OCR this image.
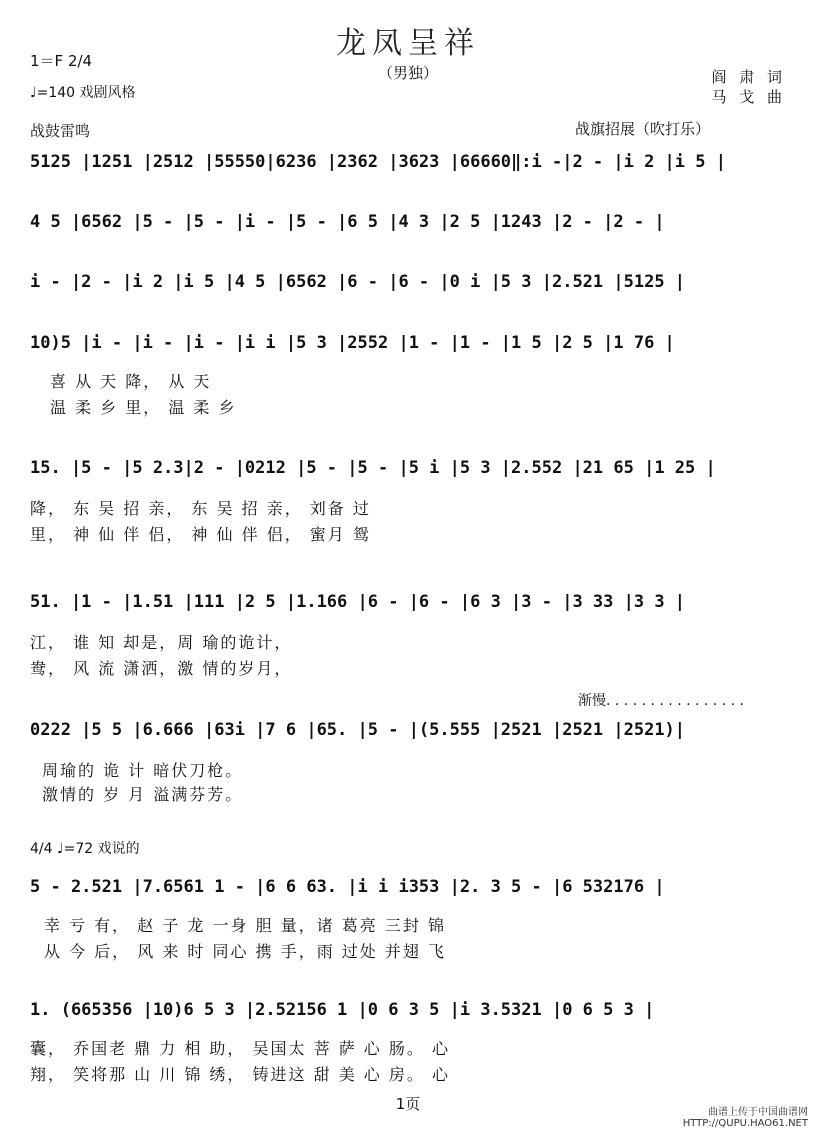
龙凤呈祥
（男独）	阎 肃 词
马 戈 曲
1＝F 2/4
♩=140 戏剧风格
战鼓雷鸣	战旗招展（吹打乐）
5125 |1251 |2512 |55550|6236 |2362 |3623 |66660‖:i -|2 - |i 2 |i 5 |
4 5 |6562 |5 - |5 - |i - |5 - |6 5 |4 3 |2 5 |1243 |2 - |2 - |
i - |2 - |i 2 |i 5 |4 5 |6562 |6 - |6 - |0 i |5 3 |2.521 |5125 |
10)5 |i - |i - |i - |i i |5 3 |2552 |1 - |1 - |1 5 |2 5 |1 76 |
喜 从 天 降， 从 天
温 柔 乡 里， 温 柔 乡
15. |5 - |5 2.3|2 - |0212 |5 - |5 - |5 i |5 3 |2.552 |21 65 |1 25 |
降， 东 吴 招 亲， 东 吴 招 亲， 刘备 过
里， 神 仙 伴 侣， 神 仙 伴 侣， 蜜月 鸳
51. |1 - |1.51 |111 |2 5 |1.166 |6 - |6 - |6 3 |3 - |3 33 |3 3 |
江， 谁 知 却是，周 瑜的诡计，
鸯， 风 流 潇洒，激 情的岁月，
渐慢. . . . . . . . . . . . . . . .
0222 |5 5 |6.666 |63i |7 6 |65. |5 - |(5.555 |2521 |2521 |2521)|
周瑜的 诡 计 暗伏刀枪。
激情的 岁 月 溢满芬芳。
4/4 ♩=72 戏说的
5 - 2.521 |7.6561 1 - |6 6 63. |i i i353 |2. 3 5 - |6 532176 |
幸 亏 有， 赵 子 龙 一身 胆 量，诸 葛亮 三封 锦
从 今 后， 风 来 时 同心 携 手，雨 过处 并翅 飞
1. (665356 |10)6 5 3 |2.52156 1 |0 6 3 5 |i 3.5321 |0 6 5 3 |
囊， 乔国老 鼎 力 相 助， 吴国太 菩 萨 心 肠。 心
翔， 笑将那 山 川 锦 绣， 铸进这 甜 美 心 房。 心
1页	曲谱上传于中国曲谱网
HTTP://QUPU.HAO61.NET
